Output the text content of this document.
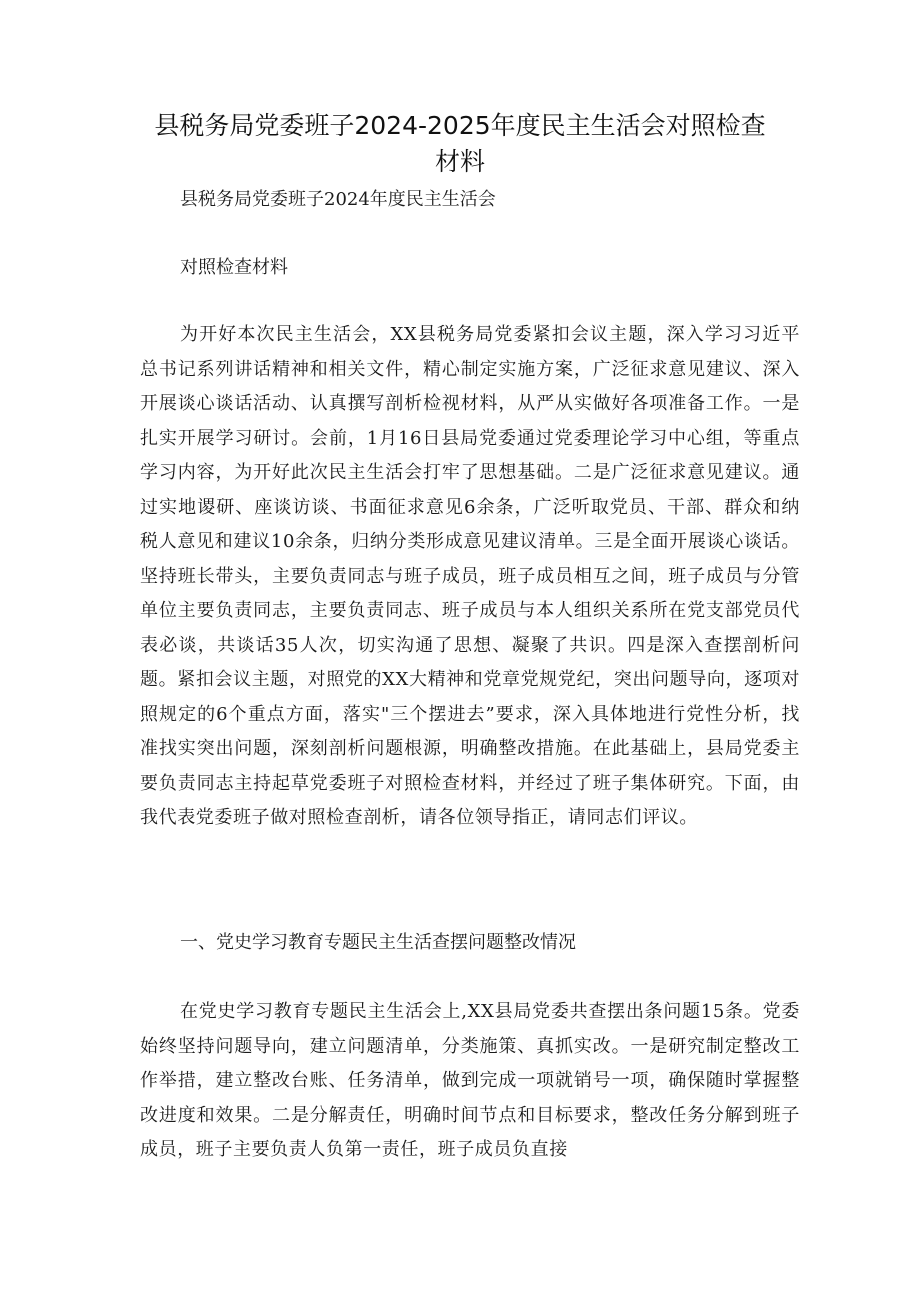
县税务局党委班子2024-2025年度民主生活会对照检查材料

县税务局党委班子2024年度民主生活会

对照检查材料

为开好本次民主生活会，XX县税务局党委紧扣会议主题，深入学习习近平总书记系列讲话精神和相关文件，精心制定实施方案，广泛征求意见建议、深入开展谈心谈话活动、认真撰写剖析检视材料，从严从实做好各项准备工作。一是扎实开展学习研讨。会前，1月16日县局党委通过党委理论学习中心组，等重点学习内容，为开好此次民主生活会打牢了思想基础。二是广泛征求意见建议。通过实地谡研、座谈访谈、书面征求意见6余条，广泛听取党员、干部、群众和纳税人意见和建议10余条，归纳分类形成意见建议清单。三是全面开展谈心谈话。坚持班长带头，主要负责同志与班子成员，班子成员相互之间，班子成员与分管单位主要负责同志，主要负责同志、班子成员与本人组织关系所在党支部党员代表必谈，共谈话35人次，切实沟通了思想、凝聚了共识。四是深入查摆剖析问题。紧扣会议主题，对照党的XX大精神和党章党规党纪，突出问题导向，逐项对照规定的6个重点方面，落实"三个摆进去”要求，深入具体地进行党性分析，找准找实突出问题，深刻剖析问题根源，明确整改措施。在此基础上，县局党委主要负责同志主持起草党委班子对照检查材料，并经过了班子集体研究。下面，由我代表党委班子做对照检查剖析，请各位领导指正，请同志们评议。

一、党史学习教育专题民主生活查摆问题整改情况

在党史学习教育专题民主生活会上,XX县局党委共查摆出条问题15条。党委始终坚持问题导向，建立问题清单，分类施策、真抓实改。一是研究制定整改工作举措，建立整改台账、任务清单，做到完成一项就销号一项，确保随时掌握整改进度和效果。二是分解责任，明确时间节点和目标要求，整改任务分解到班子成员，班子主要负责人负第一责任，班子成员负直接
